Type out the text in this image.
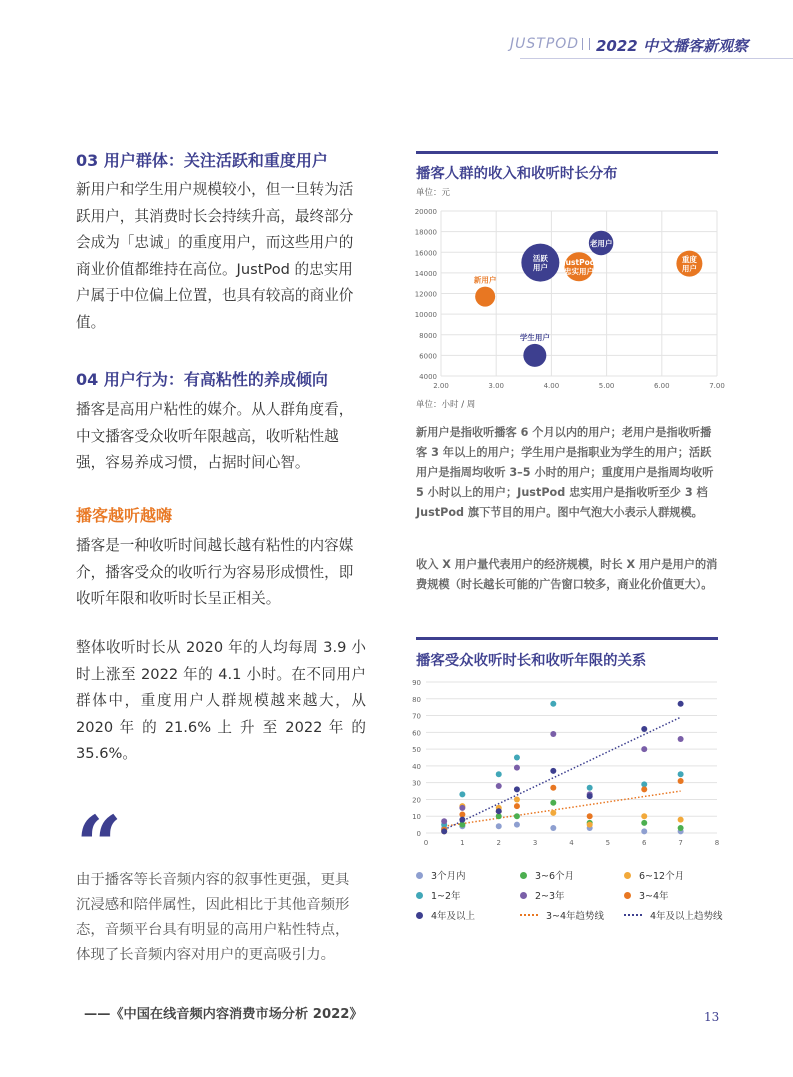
JUSTPOD 2022 中文播客新观察
03 用户群体：关注活跃和重度用户

新用户和学生用户规模较小，但一旦转为活跃用户，其消费时长会持续升高，最终部分会成为「忠诚」的重度用户，而这些用户的商业价值都维持在高位。JustPod 的忠实用户属于中位偏上位置，也具有较高的商业价值。

04 用户行为：有高粘性的养成倾向

播客是高用户粘性的媒介。从人群角度看，中文播客受众收听年限越高，收听粘性越强，容易养成习惯，占据时间心智。

播客越听越嗨

播客是一种收听时间越长越有粘性的内容媒介，播客受众的收听行为容易形成惯性，即收听年限和收听时长呈正相关。

整体收听时长从 2020 年的人均每周 3.9 小时上涨至 2022 年的 4.1 小时。在不同用户群体中，重度用户人群规模越来越大，从 2020 年 的 21.6% 上 升 至 2022 年 的 35.6%。

“

由于播客等长音频内容的叙事性更强，更具沉浸感和陪伴属性，因此相比于其他音频形态，音频平台具有明显的高用户粘性特点，体现了长音频内容对用户的更高吸引力。

——《中国在线音频内容消费市场分析 2022》
播客人群的收入和收听时长分布
单位：元
4000
6000
8000
10000
12000
14000
16000
18000
20000
2.00	3.00	4.00	5.00	6.00	7.00
新用户
活跃
用户
JustPod
忠实用户
老用户
重度
用户
学生用户
单位：小时 / 周

新用户是指收听播客 6 个月以内的用户；老用户是指收听播客 3 年以上的用户；学生用户是指职业为学生的用户；活跃用户是指周均收听 3–5 小时的用户；重度用户是指周均收听 5 小时以上的用户；JustPod 忠实用户是指收听至少 3 档 JustPod 旗下节目的用户。图中气泡大小表示人群规模。

收入 X 用户量代表用户的经济规模，时长 X 用户是用户的消费规模（时长越长可能的广告窗口较多，商业化价值更大）。

播客受众收听时长和收听年限的关系
0
10
20
30
40
50
60
70
80
90
0	1	2	3	4	5	6	7	8
3个月内	3~6个月	6~12个月
1~2年	2~3年	3~4年
4年及以上	3~4年趋势线	4年及以上趋势线
13
